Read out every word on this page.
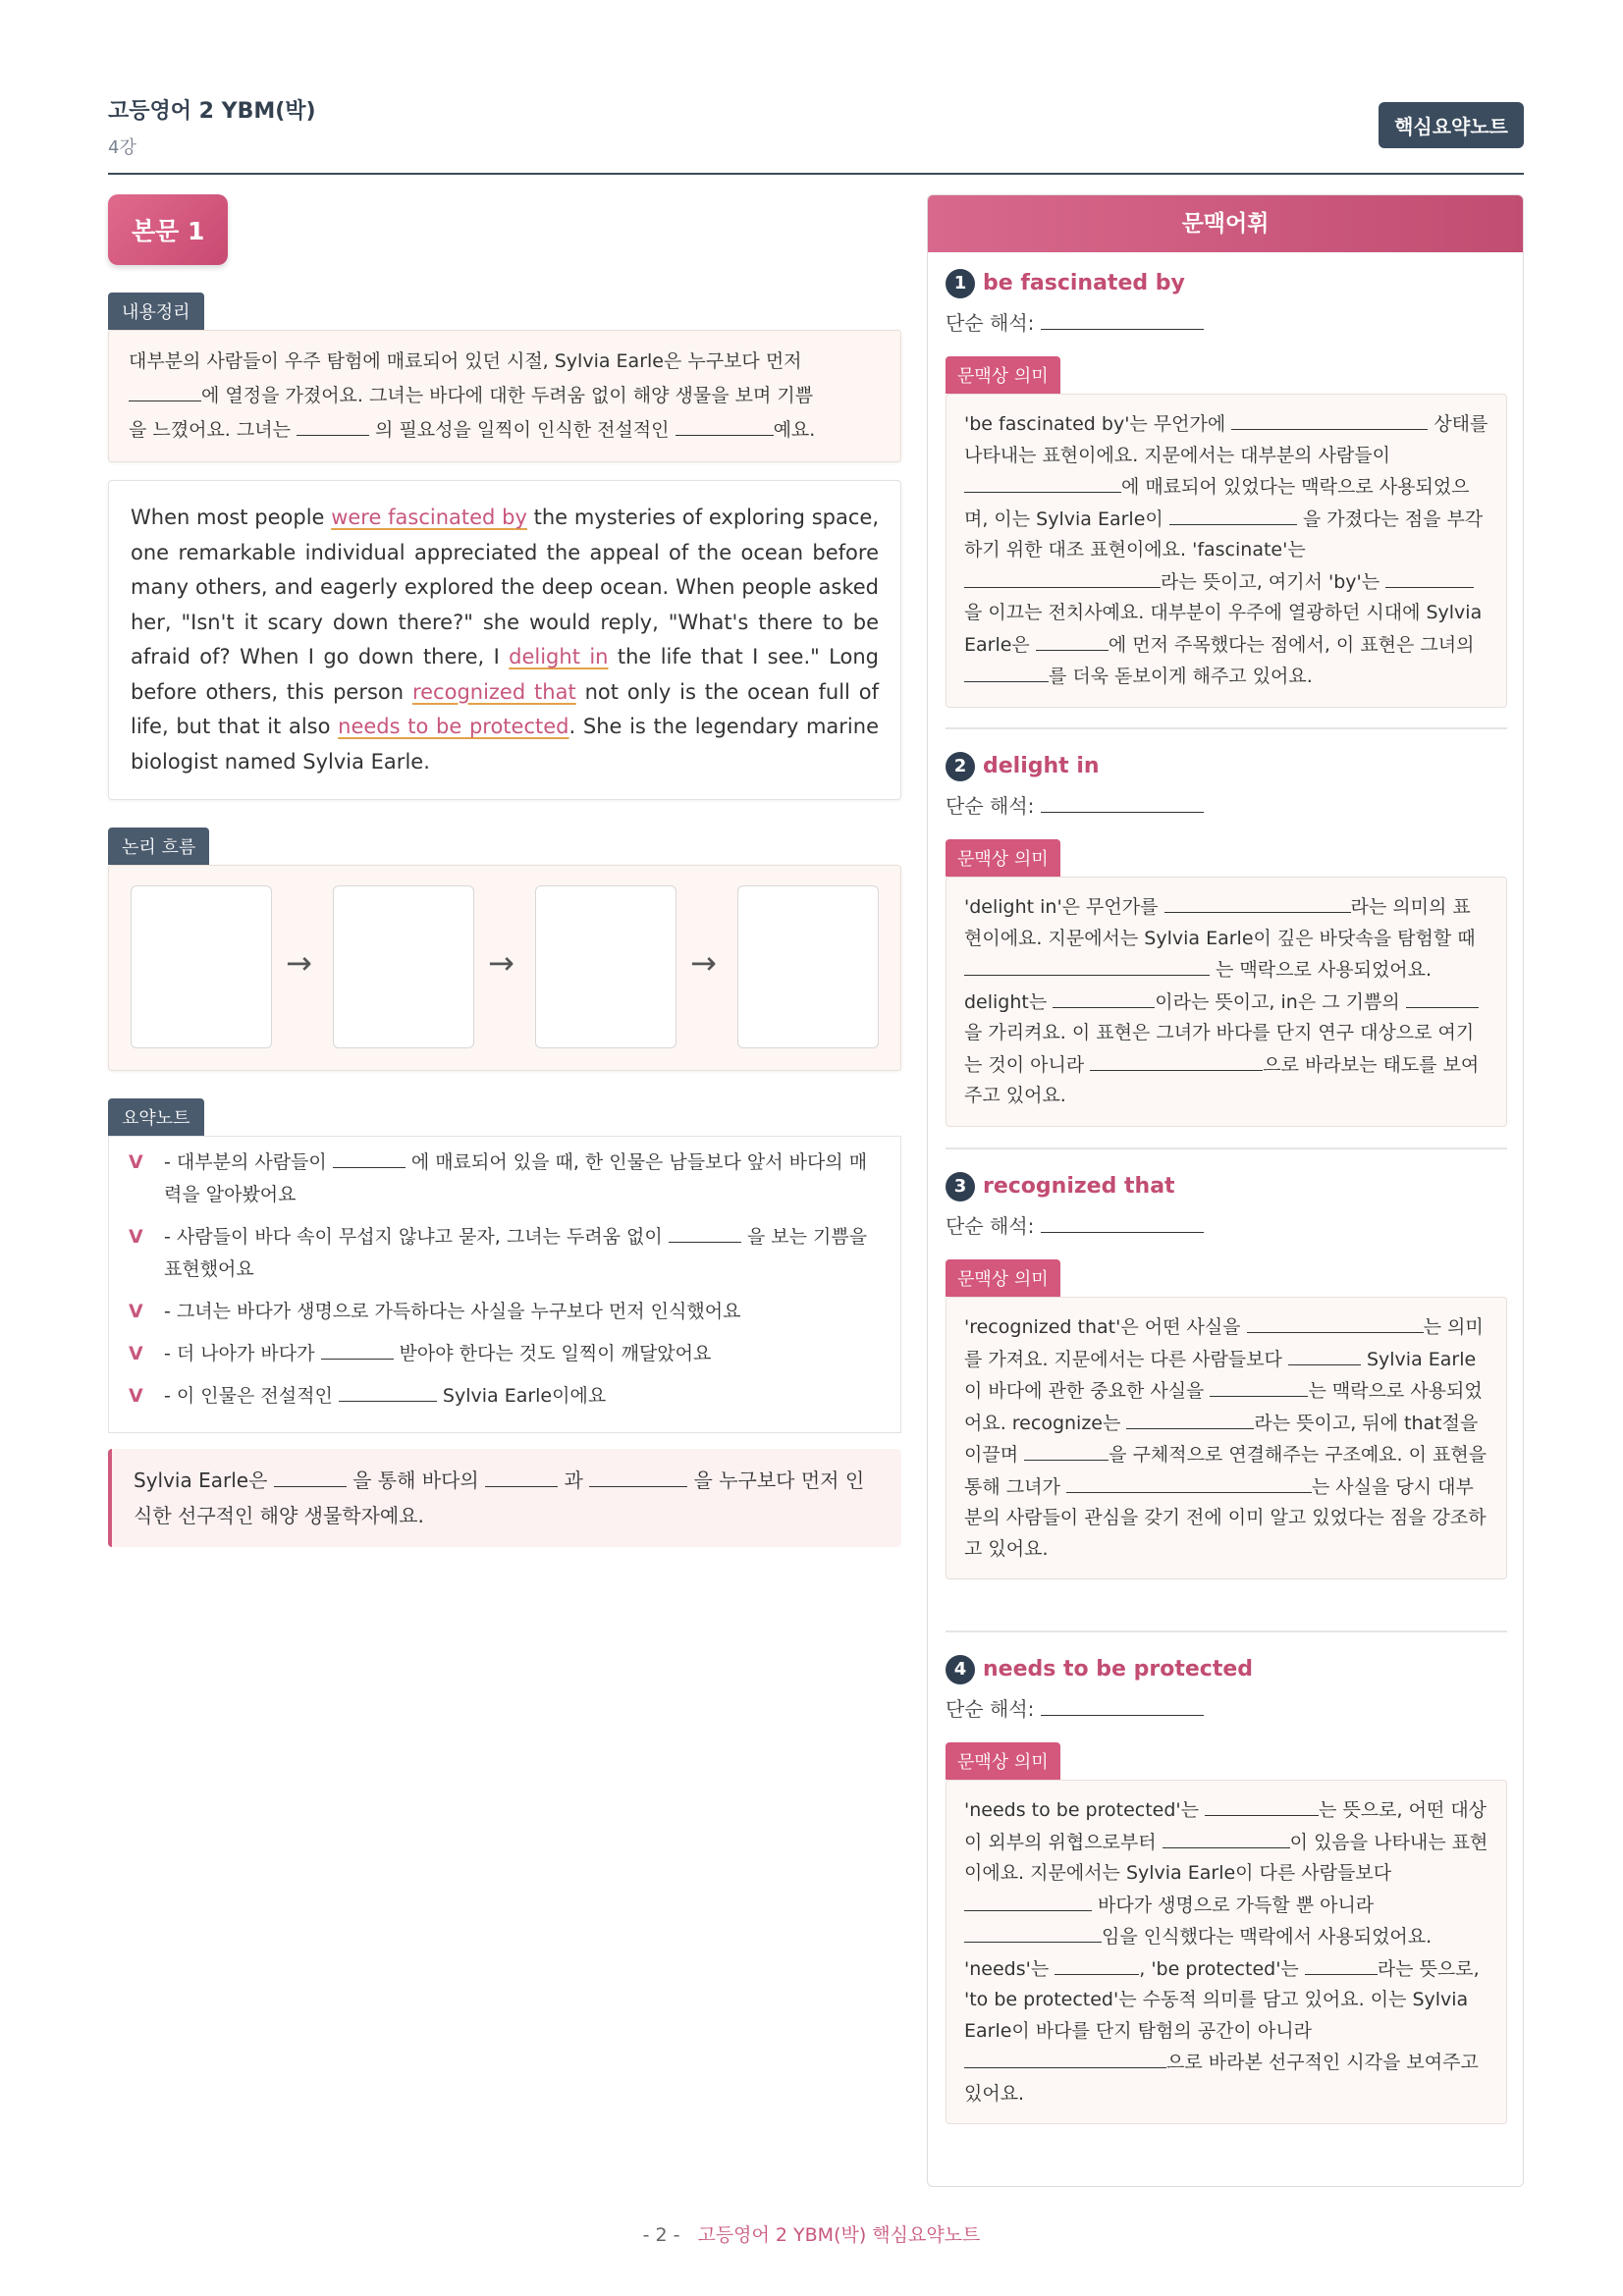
고등영어 2 YBM(박)
4강
핵심요약노트
본문 1
내용정리
대부분의 사람들이 우주 탐험에 매료되어 있던 시절, Sylvia Earle은 누구보다 먼저
에 열정을 가졌어요. 그녀는 바다에 대한 두려움 없이 해양 생물을 보며 기쁨
을 느꼈어요. 그녀는	의 필요성을 일찍이 인식한 전설적인	예요.
When most people were fascinated by the mysteries of exploring space, one remarkable individual appreciated the appeal of the ocean before many others, and eagerly explored the deep ocean. When people asked her, "Isn't it scary down there?" she would reply, "What's there to be afraid of? When I go down there, I delight in the life that I see." Long before others, this person recognized that not only is the ocean full of life, but that it also needs to be protected. She is the legendary marine biologist named Sylvia Earle.
논리 흐름
→	→	→
요약노트
V - 대부분의 사람들이	에 매료되어 있을 때, 한 인물은 남들보다 앞서 바다의 매력을 알아봤어요
V - 사람들이 바다 속이 무섭지 않냐고 묻자, 그녀는 두려움 없이	을 보는 기쁨을 표현했어요
V - 그녀는 바다가 생명으로 가득하다는 사실을 누구보다 먼저 인식했어요
V - 더 나아가 바다가	받아야 한다는 것도 일찍이 깨달았어요
V - 이 인물은 전설적인	Sylvia Earle이에요
Sylvia Earle은	을 통해 바다의	과	을 누구보다 먼저 인식한 선구적인 해양 생물학자예요.
문맥어휘
1 be fascinated by
단순 해석:
문맥상 의미
'be fascinated by'는 무언가에	상태를 나타내는 표현이에요. 지문에서는 대부분의 사람들이 에 매료되어 있었다는 맥락으로 사용되었으며, 이는 Sylvia Earle이	을 가졌다는 점을 부각하기 위한 대조 표현이에요. 'fascinate'는 라는 뜻이고, 여기서 'by'는 을 이끄는 전치사예요. 대부분이 우주에 열광하던 시대에 Sylvia Earle은	에 먼저 주목했다는 점에서, 이 표현은 그녀의 를 더욱 돋보이게 해주고 있어요.
2 delight in
단순 해석:
문맥상 의미
'delight in'은 무언가를	라는 의미의 표현이에요. 지문에서는 Sylvia Earle이 깊은 바닷속을 탐험할 때  는 맥락으로 사용되었어요. delight는	이라는 뜻이고, in은 그 기쁨의 을 가리켜요. 이 표현은 그녀가 바다를 단지 연구 대상으로 여기는 것이 아니라	으로 바라보는 태도를 보여주고 있어요.
3 recognized that
단순 해석:
문맥상 의미
'recognized that'은 어떤 사실을	는 의미를 가져요. 지문에서는 다른 사람들보다	Sylvia Earle이 바다에 관한 중요한 사실을	는 맥락으로 사용되었어요. recognize는	라는 뜻이고, 뒤에 that절을 이끌며	을 구체적으로 연결해주는 구조예요. 이 표현을 통해 그녀가	는 사실을 당시 대부분의 사람들이 관심을 갖기 전에 이미 알고 있었다는 점을 강조하고 있어요.
4 needs to be protected
단순 해석:
문맥상 의미
'needs to be protected'는	는 뜻으로, 어떤 대상이 외부의 위협으로부터	이 있음을 나타내는 표현이에요. 지문에서는 Sylvia Earle이 다른 사람들보다  바다가 생명으로 가득할 뿐 아니라 임을 인식했다는 맥락에서 사용되었어요. 'needs'는	, 'be protected'는	라는 뜻으로, 'to be protected'는 수동적 의미를 담고 있어요. 이는 Sylvia Earle이 바다를 단지 탐험의 공간이 아니라 으로 바라본 선구적인 시각을 보여주고 있어요.
- 2 - 고등영어 2 YBM(박) 핵심요약노트
